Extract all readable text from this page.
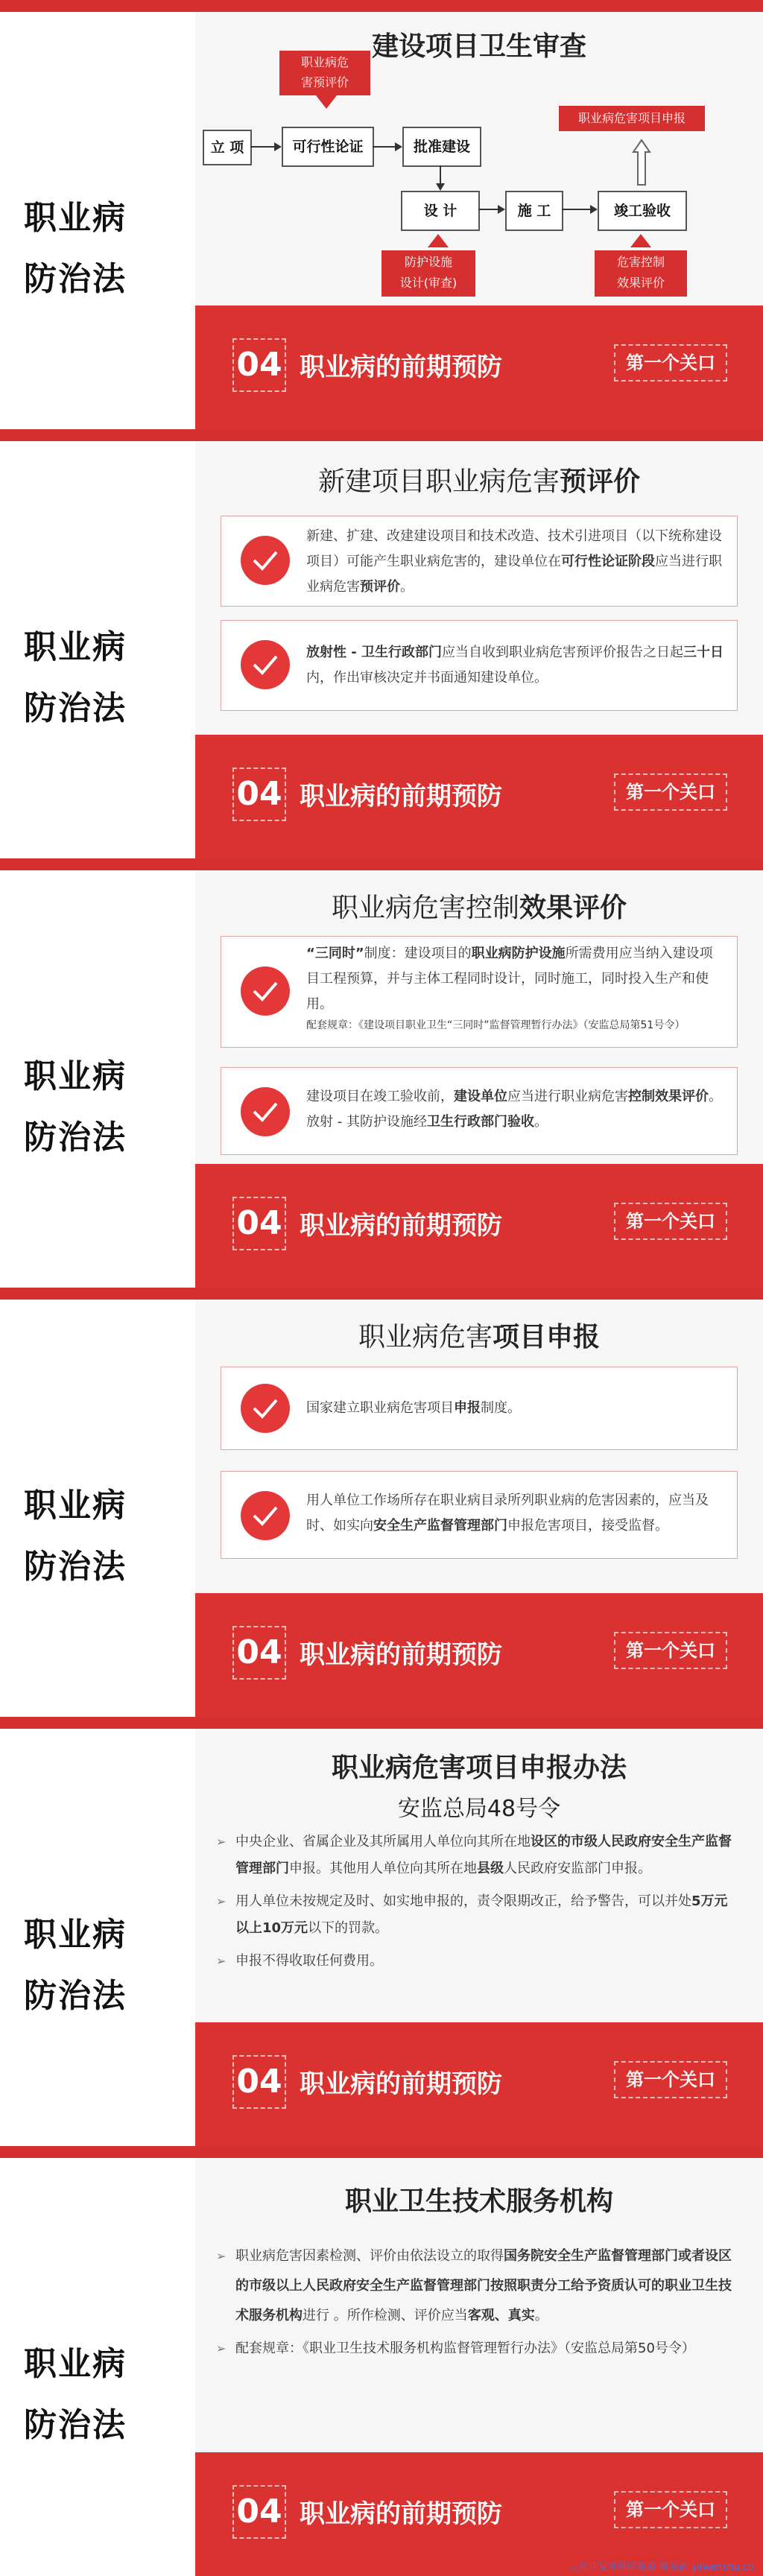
职业病
防治法
建设项目卫生审查
职业病危
害预评价
立 项	可行性论证	批准建设
设 计	施 工	竣工验收
职业病危害项目申报
防护设施
设计(审查)
危害控制
效果评价
04 职业病的前期预防	第一个关口
职业病
防治法
新建项目职业病危害预评价
新建、扩建、改建建设项目和技术改造、技术引进项目（以下统称建设项目）可能产生职业病危害的，建设单位在可行性论证阶段应当进行职业病危害预评价。
放射性 - 卫生行政部门应当自收到职业病危害预评价报告之日起三十日内，作出审核决定并书面通知建设单位。
04 职业病的前期预防	第一个关口
职业病
防治法
职业病危害控制效果评价
“三同时”制度：建设项目的职业病防护设施所需费用应当纳入建设项目工程预算，并与主体工程同时设计，同时施工，同时投入生产和使用。
配套规章：《建设项目职业卫生“三同时”监督管理暂行办法》（安监总局第51号令）
建设项目在竣工验收前，建设单位应当进行职业病危害控制效果评价。放射 - 其防护设施经卫生行政部门验收。
04 职业病的前期预防	第一个关口
职业病
防治法
职业病危害项目申报
国家建立职业病危害项目申报制度。
用人单位工作场所存在职业病目录所列职业病的危害因素的，应当及时、如实向安全生产监督管理部门申报危害项目，接受监督。
04 职业病的前期预防	第一个关口
职业病
防治法
职业病危害项目申报办法
安监总局48号令
➢ 中央企业、省属企业及其所属用人单位向其所在地设区的市级人民政府安全生产监督管理部门申报。其他用人单位向其所在地县级人民政府安监部门申报。
➢ 用人单位未按规定及时、如实地申报的，责令限期改正，给予警告，可以并处5万元以上10万元以下的罚款。
➢ 申报不得收取任何费用。
04 职业病的前期预防	第一个关口
职业病
防治法
职业卫生技术服务机构
➢ 职业病危害因素检测、评价由依法设立的取得国务院安全生产监督管理部门或者设区的市级以上人民政府安全生产监督管理部门按照职责分工给予资质认可的职业卫生技术服务机构进行 。所作检测、评价应当客观、真实。
➢ 配套规章：《职业卫生技术服务机构监督管理暂行办法》（安监总局第50号令）
04 职业病的前期预防	第一个关口
三方开发者网络资源 资源站 yiiwanshu.cn
